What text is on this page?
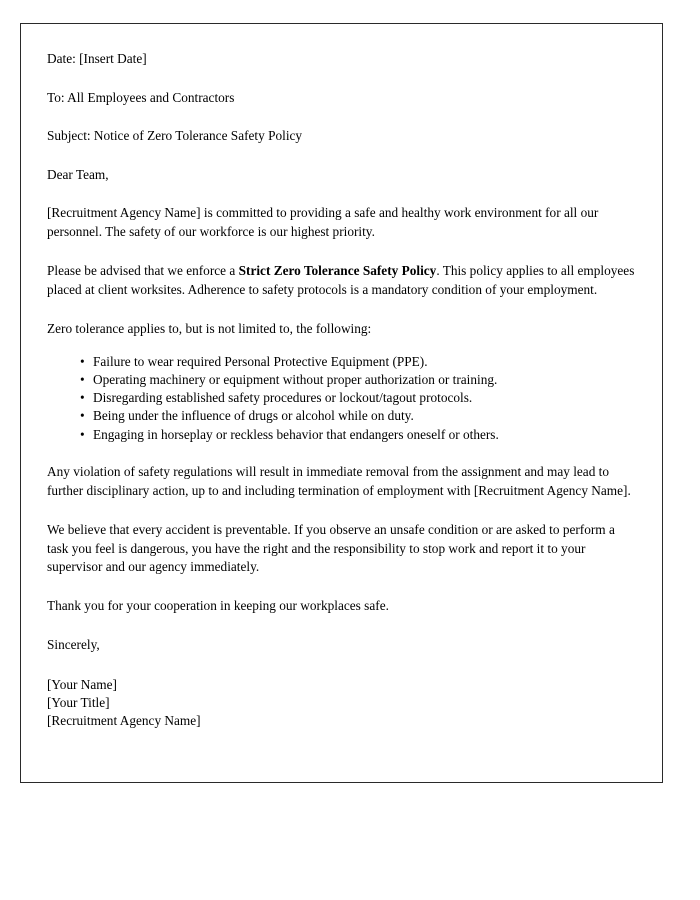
Date: [Insert Date]
To: All Employees and Contractors
Subject: Notice of Zero Tolerance Safety Policy
Dear Team,

[Recruitment Agency Name] is committed to providing a safe and healthy work environment for all our personnel. The safety of our workforce is our highest priority.

Please be advised that we enforce a Strict Zero Tolerance Safety Policy. This policy applies to all employees placed at client worksites. Adherence to safety protocols is a mandatory condition of your employment.

Zero tolerance applies to, but is not limited to, the following:

• Failure to wear required Personal Protective Equipment (PPE).
• Operating machinery or equipment without proper authorization or training.
• Disregarding established safety procedures or lockout/tagout protocols.
• Being under the influence of drugs or alcohol while on duty.
• Engaging in horseplay or reckless behavior that endangers oneself or others.

Any violation of safety regulations will result in immediate removal from the assignment and may lead to further disciplinary action, up to and including termination of employment with [Recruitment Agency Name].

We believe that every accident is preventable. If you observe an unsafe condition or are asked to perform a task you feel is dangerous, you have the right and the responsibility to stop work and report it to your supervisor and our agency immediately.

Thank you for your cooperation in keeping our workplaces safe.

Sincerely,
[Your Name]
[Your Title]
[Recruitment Agency Name]
